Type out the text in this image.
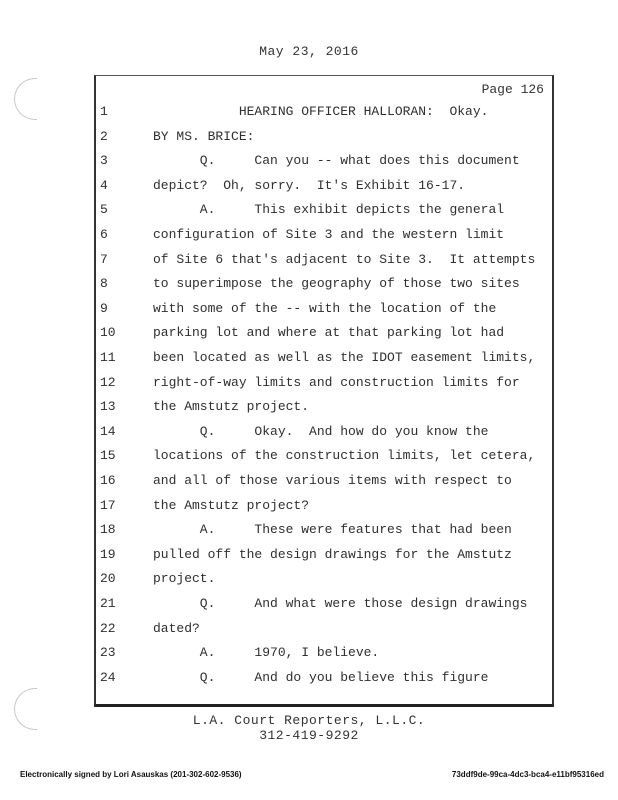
May 23, 2016
Page 126
1	HEARING OFFICER HALLORAN:  Okay.
2	BY MS. BRICE:
3	Q.     Can you -- what does this document
4	depict?  Oh, sorry.  It's Exhibit 16-17.
5	A.     This exhibit depicts the general
6	configuration of Site 3 and the western limit
7	of Site 6 that's adjacent to Site 3.  It attempts
8	to superimpose the geography of those two sites
9	with some of the -- with the location of the
10	parking lot and where at that parking lot had
11	been located as well as the IDOT easement limits,
12	right-of-way limits and construction limits for
13	the Amstutz project.
14	Q.     Okay.  And how do you know the
15	locations of the construction limits, let cetera,
16	and all of those various items with respect to
17	the Amstutz project?
18	A.     These were features that had been
19	pulled off the design drawings for the Amstutz
20	project.
21	Q.     And what were those design drawings
22	dated?
23	A.     1970, I believe.
24	Q.     And do you believe this figure
L.A. Court Reporters, L.L.C.
312-419-9292
Electronically signed by Lori Asauskas (201-302-602-9536)	73ddf9de-99ca-4dc3-bca4-e11bf95316ed
